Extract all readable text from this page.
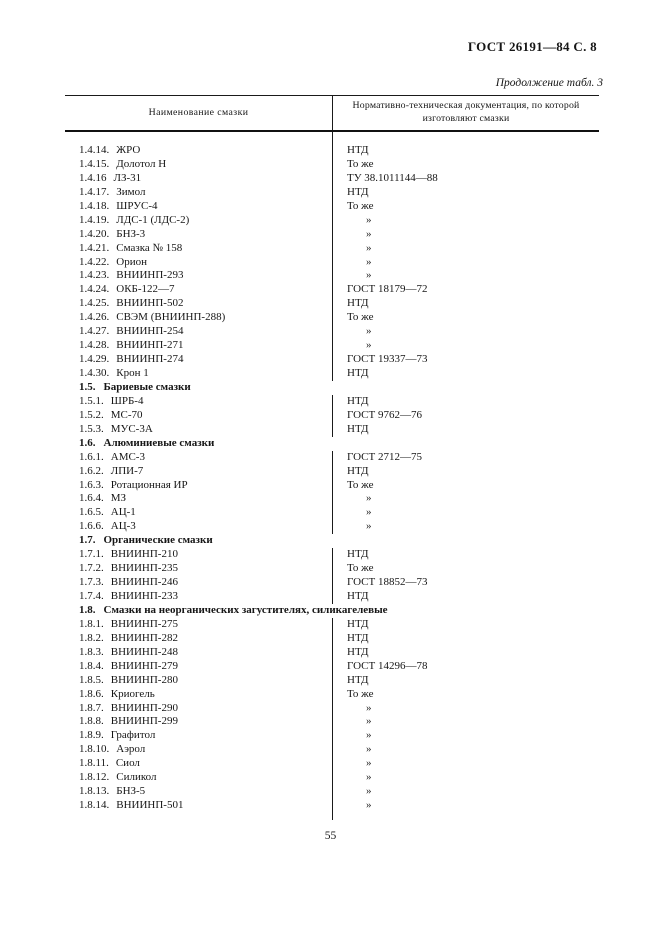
ГОСТ 26191—84 С. 8
Продолжение табл. 3
Наименование смазки
Нормативно-техническая документация, по которой изготовляют смазки
1.4.14. ЖРО	НТД
1.4.15. Долотол Н	То же
1.4.16 ЛЗ-31	ТУ 38.1011144—88
1.4.17. Зимол	НТД
1.4.18. ШРУС-4	То же
1.4.19. ЛДС-1 (ЛДС-2)	»
1.4.20. БНЗ-3	»
1.4.21. Смазка № 158	»
1.4.22. Орион	»
1.4.23. ВНИИНП-293	»
1.4.24. ОКБ-122—7	ГОСТ 18179—72
1.4.25. ВНИИНП-502	НТД
1.4.26. СВЭМ (ВНИИНП-288)	То же
1.4.27. ВНИИНП-254	»
1.4.28. ВНИИНП-271	»
1.4.29. ВНИИНП-274	ГОСТ 19337—73
1.4.30. Крон 1	НТД
1.5. Бариевые смазки
1.5.1. ШРБ-4	НТД
1.5.2. МС-70	ГОСТ 9762—76
1.5.3. МУС-3А	НТД
1.6. Алюминиевые смазки
1.6.1. АМС-3	ГОСТ 2712—75
1.6.2. ЛПИ-7	НТД
1.6.3. Ротационная ИР	То же
1.6.4. МЗ	»
1.6.5. АЦ-1	»
1.6.6. АЦ-3	»
1.7. Органические смазки
1.7.1. ВНИИНП-210	НТД
1.7.2. ВНИИНП-235	То же
1.7.3. ВНИИНП-246	ГОСТ 18852—73
1.7.4. ВНИИНП-233	НТД
1.8. Смазки на неорганических загустителях, силикагелевые
1.8.1. ВНИИНП-275	НТД
1.8.2. ВНИИНП-282	НТД
1.8.3. ВНИИНП-248	НТД
1.8.4. ВНИИНП-279	ГОСТ 14296—78
1.8.5. ВНИИНП-280	НТД
1.8.6. Криогель	То же
1.8.7. ВНИИНП-290	»
1.8.8. ВНИИНП-299	»
1.8.9. Графитол	»
1.8.10. Аэрол	»
1.8.11. Сиол	»
1.8.12. Силикол	»
1.8.13. БНЗ-5	»
1.8.14. ВНИИНП-501	»
55
